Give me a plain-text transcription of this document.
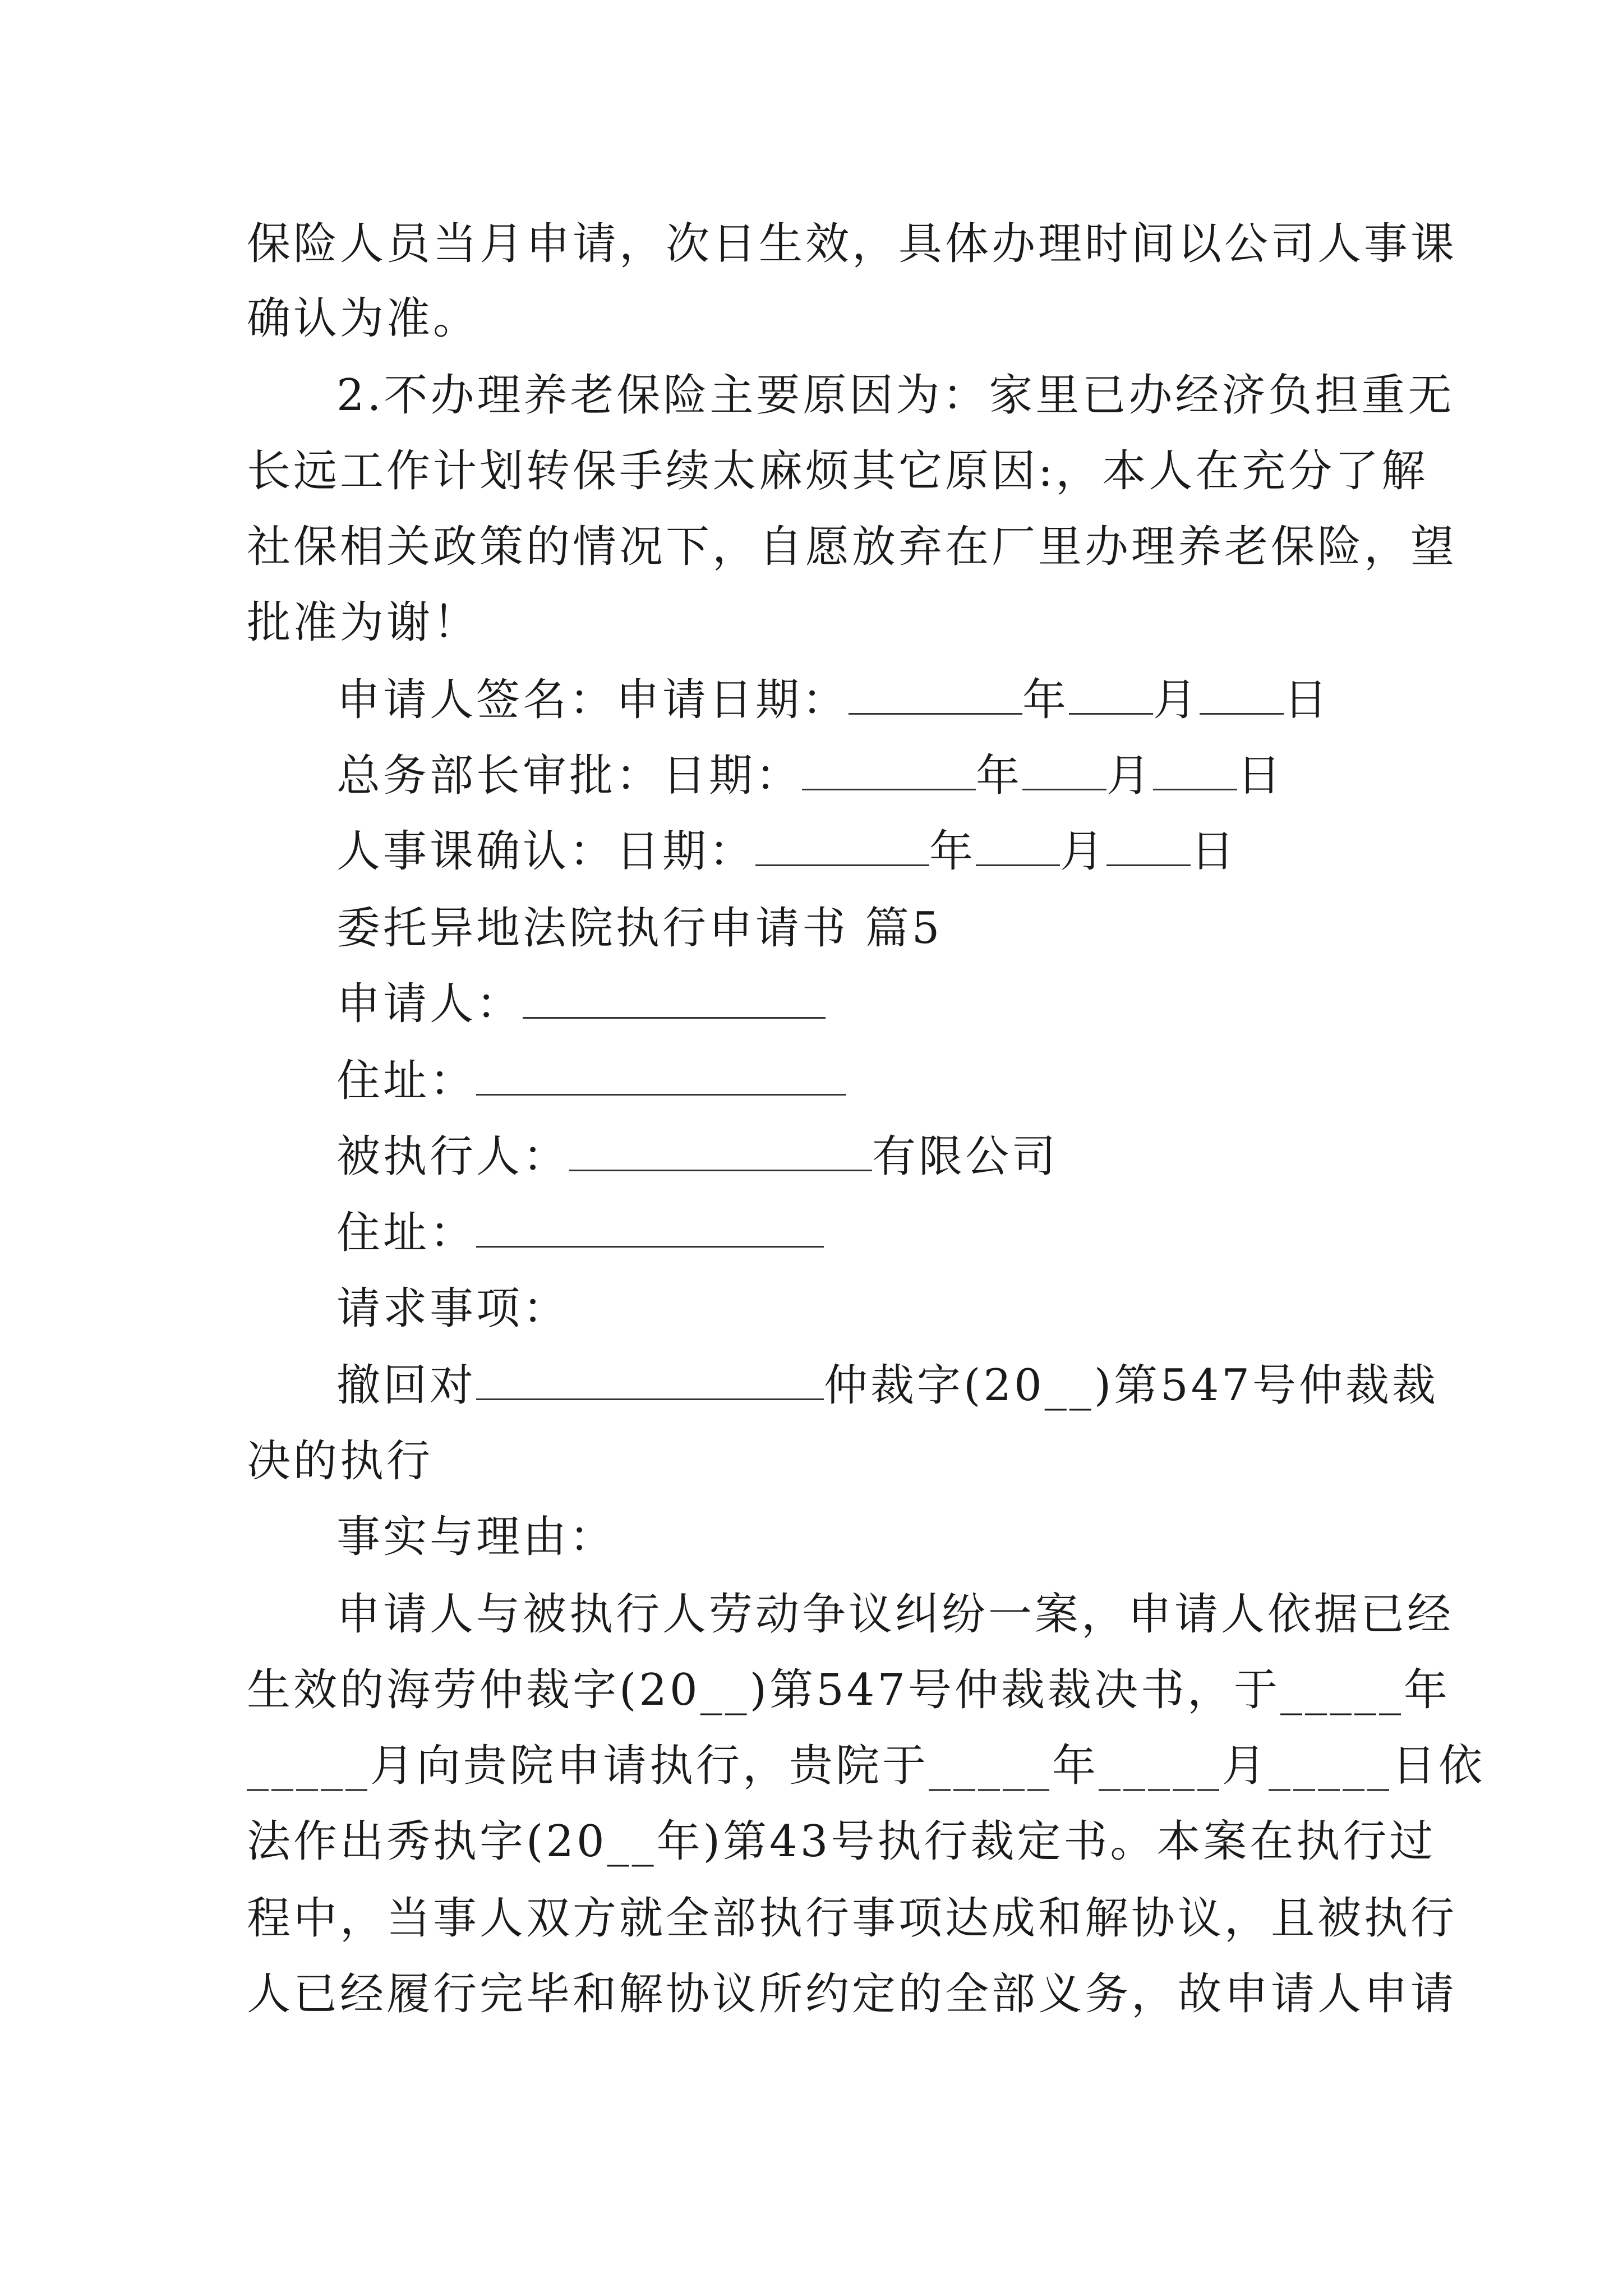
保险人员当月申请，次日生效，具体办理时间以公司人事课
确认为准。
2.不办理养老保险主要原因为：家里已办经济负担重无
长远工作计划转保手续太麻烦其它原因:，本人在充分了解
社保相关政策的情况下，自愿放弃在厂里办理养老保险，望
批准为谢！
申请人签名：申请日期：	年 月 日
总务部长审批：日期：	年 月 日
人事课确认：日期：	年 月 日
委托异地法院执行申请书 篇5
申请人：
住址：
被执行人：	有限公司
住址：
请求事项：
撤回对	仲裁字(20__)第547号仲裁裁
决的执行
事实与理由：
申请人与被执行人劳动争议纠纷一案，申请人依据已经
生效的海劳仲裁字(20__)第547号仲裁裁决书，于_____年
_____月向贵院申请执行，贵院于_____年_____月_____日依
法作出秀执字(20__年)第43号执行裁定书。本案在执行过
程中，当事人双方就全部执行事项达成和解协议，且被执行
人已经履行完毕和解协议所约定的全部义务，故申请人申请
